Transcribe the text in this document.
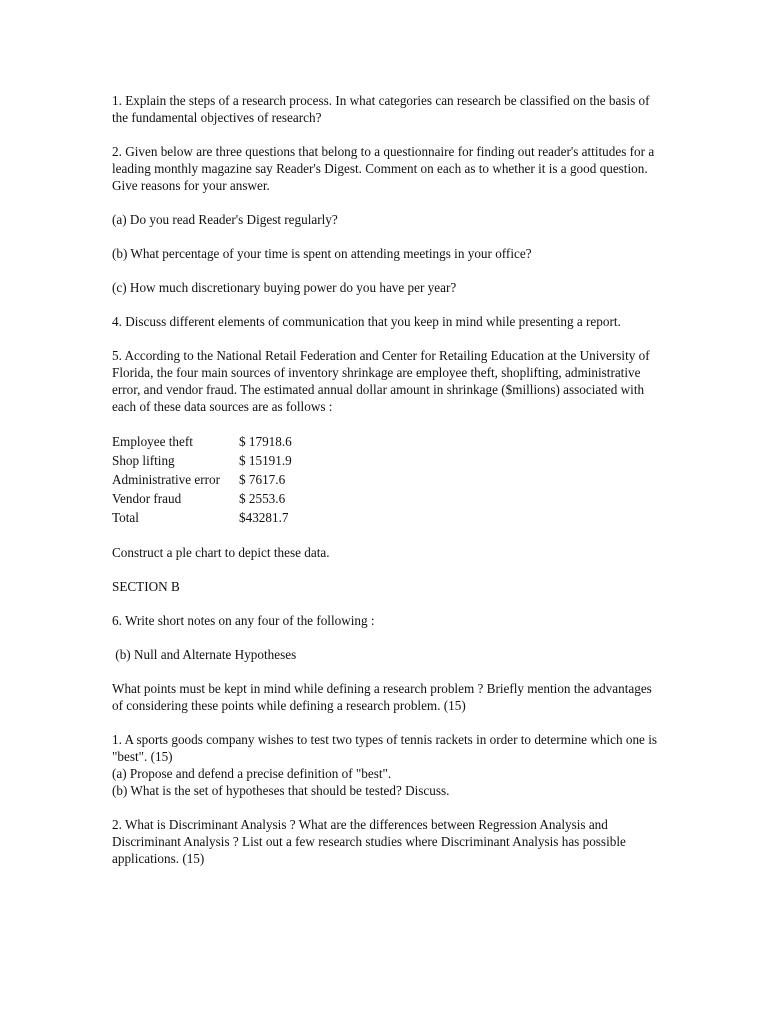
1. Explain the steps of a research process. In what categories can research be classified on the basis of the fundamental objectives of research?

2. Given below are three questions that belong to a questionnaire for finding out reader's attitudes for a leading monthly magazine say Reader's Digest. Comment on each as to whether it is a good question. Give reasons for your answer.

(a) Do you read Reader's Digest regularly?

(b) What percentage of your time is spent on attending meetings in your office?

(c) How much discretionary buying power do you have per year?

4. Discuss different elements of communication that you keep in mind while presenting a report.

5. According to the National Retail Federation and Center for Retailing Education at the University of Florida, the four main sources of inventory shrinkage are employee theft, shoplifting, administrative error, and vendor fraud. The estimated annual dollar amount in shrinkage ($millions) associated with each of these data sources are as follows :

Employee theft	$ 17918.6
Shop lifting	$ 15191.9
Administrative error	$ 7617.6
Vendor fraud	$ 2553.6
Total	$43281.7

Construct a ple chart to depict these data.

SECTION B

6. Write short notes on any four of the following :

(b) Null and Alternate Hypotheses

What points must be kept in mind while defining a research problem ? Briefly mention the advantages of considering these points while defining a research problem. (15)

1. A sports goods company wishes to test two types of tennis rackets in order to determine which one is "best". (15)

(a) Propose and defend a precise definition of "best".

(b) What is the set of hypotheses that should be tested? Discuss.

2. What is Discriminant Analysis ? What are the differences between Regression Analysis and Discriminant Analysis ? List out a few research studies where Discriminant Analysis has possible applications. (15)
